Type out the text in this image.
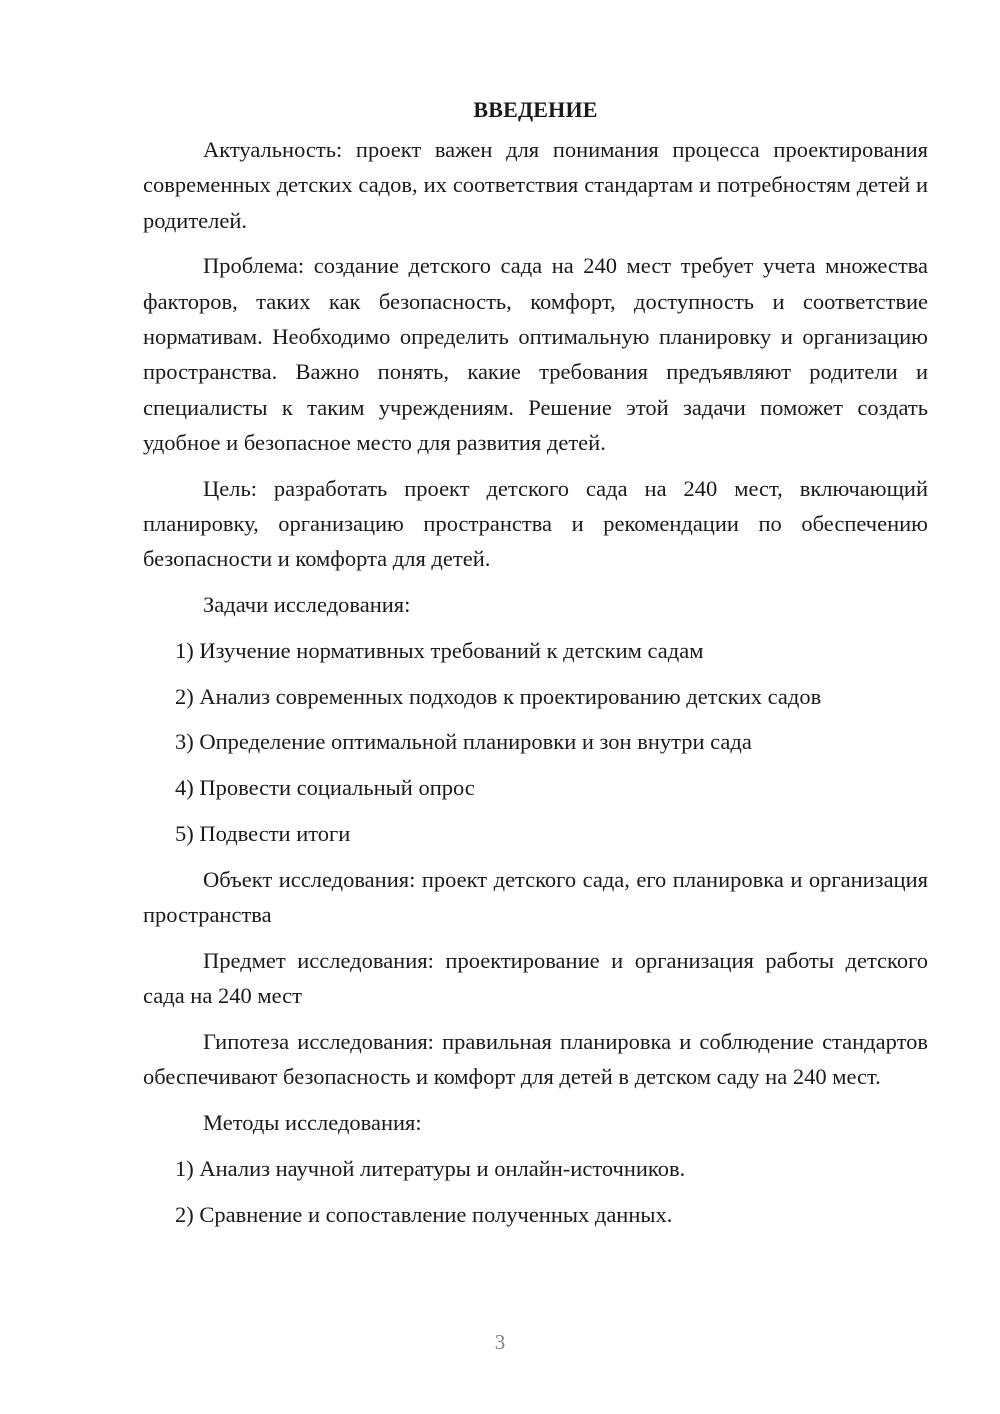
ВВЕДЕНИЕ

Актуальность: проект важен для понимания процесса проектирования современных детских садов, их соответствия стандартам и потребностям детей и родителей.

Проблема: создание детского сада на 240 мест требует учета множества факторов, таких как безопасность, комфорт, доступность и соответствие нормативам. Необходимо определить оптимальную планировку и организацию пространства. Важно понять, какие требования предъявляют родители и специалисты к таким учреждениям. Решение этой задачи поможет создать удобное и безопасное место для развития детей.

Цель: разработать проект детского сада на 240 мест, включающий планировку, организацию пространства и рекомендации по обеспечению безопасности и комфорта для детей.

Задачи исследования:

1) Изучение нормативных требований к детским садам

2) Анализ современных подходов к проектированию детских садов

3) Определение оптимальной планировки и зон внутри сада

4) Провести социальный опрос

5) Подвести итоги

Объект исследования: проект детского сада, его планировка и организация пространства

Предмет исследования: проектирование и организация работы детского сада на 240 мест

Гипотеза исследования: правильная планировка и соблюдение стандартов обеспечивают безопасность и комфорт для детей в детском саду на 240 мест.

Методы исследования:

1) Анализ научной литературы и онлайн-источников.

2) Сравнение и сопоставление полученных данных.

3
